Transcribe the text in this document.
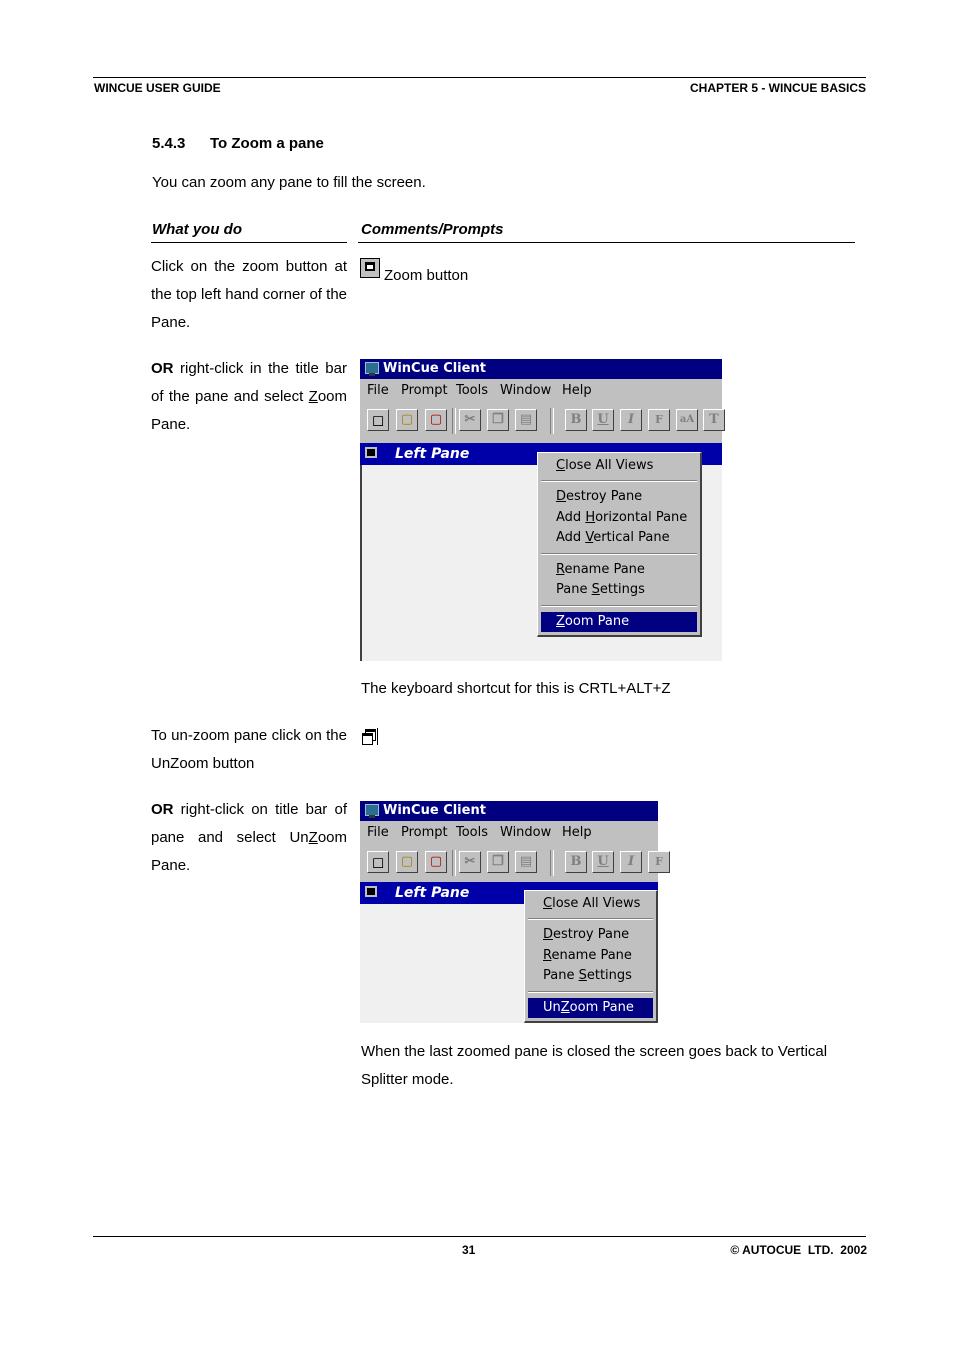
WINCUE USER GUIDE	CHAPTER 5 - WINCUE BASICS
5.4.3 To Zoom a pane
You can zoom any pane to fill the screen.
What you do	Comments/Prompts
Click on the zoom button at the top left hand corner of the Pane.
Zoom button
OR right-click in the title bar of the pane and select Zoom Pane.
WinCue Client
File Prompt Tools Window Help
◻	▢	▢	✂	❐	▤	B	U	I	F	aA	T
Left Pane
Close All Views
Destroy Pane
Add Horizontal Pane
Add Vertical Pane
Rename Pane
Pane Settings
Zoom Pane
The keyboard shortcut for this is CRTL+ALT+Z
To un-zoom pane click on the UnZoom button
OR right-click on title bar of pane and select UnZoom Pane.
WinCue Client
File Prompt Tools Window Help
◻	▢	▢	✂	❐	▤	B	U	I	F
Left Pane
Close All Views
Destroy Pane
Rename Pane
Pane Settings
UnZoom Pane
When the last zoomed pane is closed the screen goes back to Vertical Splitter mode.
31	© AUTOCUE  LTD.  2002
